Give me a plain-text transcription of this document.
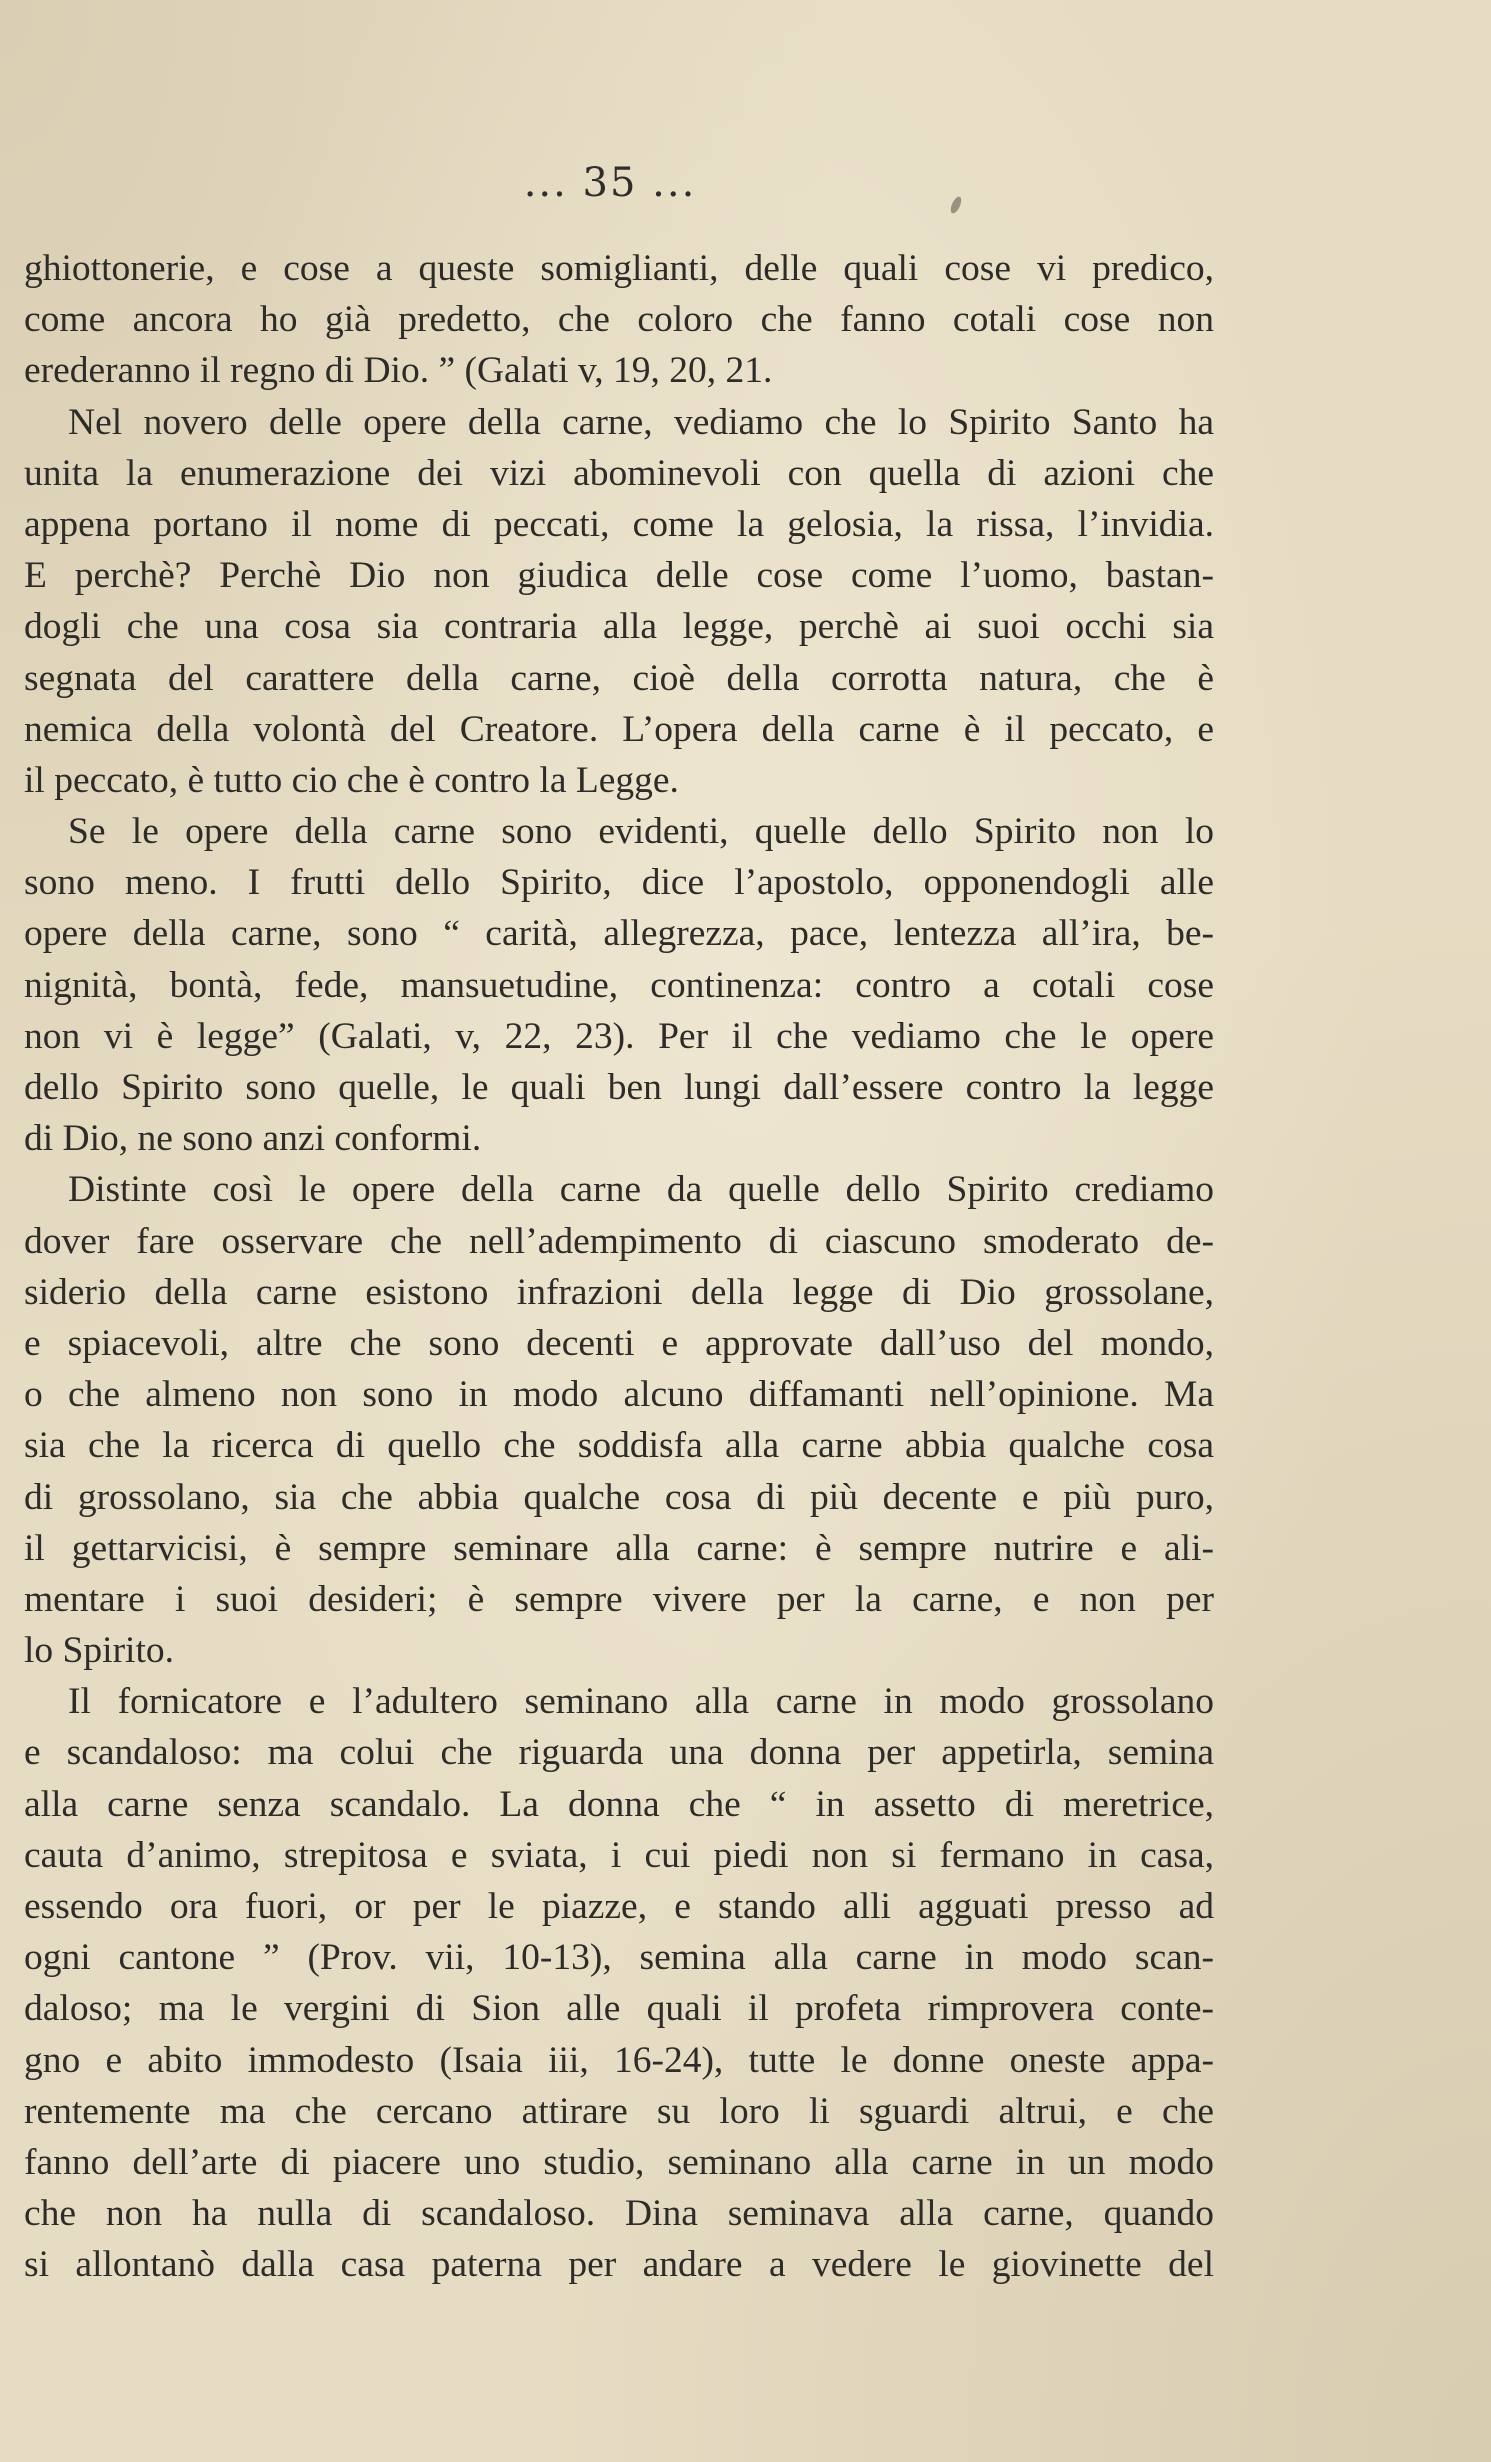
... 35 ...
ghiottonerie, e cose a queste somiglianti, delle quali cose vi predico,
come ancora ho già predetto, che coloro che fanno cotali cose non
erederanno il regno di Dio. ” (Galati v, 19, 20, 21.
Nel novero delle opere della carne, vediamo che lo Spirito Santo ha
unita la enumerazione dei vizi abominevoli con quella di azioni che
appena portano il nome di peccati, come la gelosia, la rissa, l’invidia.
E perchè? Perchè Dio non giudica delle cose come l’uomo, bastan-
dogli che una cosa sia contraria alla legge, perchè ai suoi occhi sia
segnata del carattere della carne, cioè della corrotta natura, che è
nemica della volontà del Creatore. L’opera della carne è il peccato, e
il peccato, è tutto cio che è contro la Legge.
Se le opere della carne sono evidenti, quelle dello Spirito non lo
sono meno. I frutti dello Spirito, dice l’apostolo, opponendogli alle
opere della carne, sono “ carità, allegrezza, pace, lentezza all’ira, be-
nignità, bontà, fede, mansuetudine, continenza: contro a cotali cose
non vi è legge” (Galati, v, 22, 23). Per il che vediamo che le opere
dello Spirito sono quelle, le quali ben lungi dall’essere contro la legge
di Dio, ne sono anzi conformi.
Distinte così le opere della carne da quelle dello Spirito crediamo
dover fare osservare che nell’adempimento di ciascuno smoderato de-
siderio della carne esistono infrazioni della legge di Dio grossolane,
e spiacevoli, altre che sono decenti e approvate dall’uso del mondo,
o che almeno non sono in modo alcuno diffamanti nell’opinione. Ma
sia che la ricerca di quello che soddisfa alla carne abbia qualche cosa
di grossolano, sia che abbia qualche cosa di più decente e più puro,
il gettarvicisi, è sempre seminare alla carne: è sempre nutrire e ali-
mentare i suoi desideri; è sempre vivere per la carne, e non per
lo Spirito.
Il fornicatore e l’adultero seminano alla carne in modo grossolano
e scandaloso: ma colui che riguarda una donna per appetirla, semina
alla carne senza scandalo. La donna che “ in assetto di meretrice,
cauta d’animo, strepitosa e sviata, i cui piedi non si fermano in casa,
essendo ora fuori, or per le piazze, e stando alli agguati presso ad
ogni cantone ” (Prov. vii, 10-13), semina alla carne in modo scan-
daloso; ma le vergini di Sion alle quali il profeta rimprovera conte-
gno e abito immodesto (Isaia iii, 16-24), tutte le donne oneste appa-
rentemente ma che cercano attirare su loro li sguardi altrui, e che
fanno dell’arte di piacere uno studio, seminano alla carne in un modo
che non ha nulla di scandaloso. Dina seminava alla carne, quando
si allontanò dalla casa paterna per andare a vedere le giovinette del
